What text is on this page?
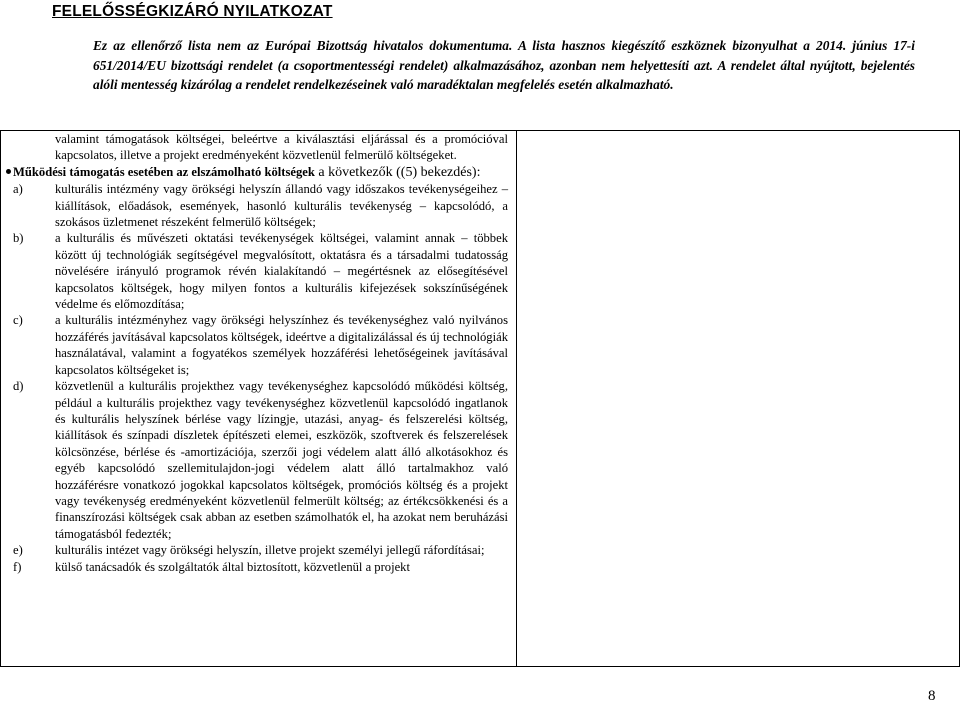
FELELŐSSÉGKIZÁRÓ NYILATKOZAT
Ez az ellenőrző lista nem az Európai Bizottság hivatalos dokumentuma. A lista hasznos kiegészítő eszköznek bizonyulhat a 2014. június 17-i 651/2014/EU bizottsági rendelet (a csoportmentességi rendelet) alkalmazásához, azonban nem helyettesíti azt. A rendelet által nyújtott, bejelentés alóli mentesség kizárólag a rendelet rendelkezéseinek való maradéktalan megfelelés esetén alkalmazható.

valamint támogatások költségei, beleértve a kiválasztási eljárással és a promócióval kapcsolatos, illetve a projekt eredményeként közvetlenül felmerülő költségeket.

Működési támogatás esetében az elszámolható költségek a következők ((5) bekezdés):

a)	kulturális intézmény vagy örökségi helyszín állandó vagy időszakos tevékenységeihez – kiállítások, előadások, események, hasonló kulturális tevékenység – kapcsolódó, a szokásos üzletmenet részeként felmerülő költségek;

b)	a kulturális és művészeti oktatási tevékenységek költségei, valamint annak – többek között új technológiák segítségével megvalósított, oktatásra és a társadalmi tudatosság növelésére irányuló programok révén kialakítandó – megértésnek az elősegítésével kapcsolatos költségek, hogy milyen fontos a kulturális kifejezések sokszínűségének védelme és előmozdítása;

c)	a kulturális intézményhez vagy örökségi helyszínhez és tevékenységhez való nyilvános hozzáférés javításával kapcsolatos költségek, ideértve a digitalizálással és új technológiák használatával, valamint a fogyatékos személyek hozzáférési lehetőségeinek javításával kapcsolatos költségeket is;

d)	közvetlenül a kulturális projekthez vagy tevékenységhez kapcsolódó működési költség, például a kulturális projekthez vagy tevékenységhez közvetlenül kapcsolódó ingatlanok és kulturális helyszínek bérlése vagy lízingje, utazási, anyag- és felszerelési költség, kiállítások és színpadi díszletek építészeti elemei, eszközök, szoftverek és felszerelések kölcsönzése, bérlése és -amortizációja, szerzői jogi védelem alatt álló alkotásokhoz és egyéb kapcsolódó szellemitulajdon-jogi védelem alatt álló tartalmakhoz való hozzáférésre vonatkozó jogokkal kapcsolatos költségek, promóciós költség és a projekt vagy tevékenység eredményeként közvetlenül felmerült költség; az értékcsökkenési és a finanszírozási költségek csak abban az esetben számolhatók el, ha azokat nem beruházási támogatásból fedezték;

e)	kulturális intézet vagy örökségi helyszín, illetve projekt személyi jellegű ráfordításai;

f)	külső tanácsadók és szolgáltatók által biztosított, közvetlenül a projekt

8
